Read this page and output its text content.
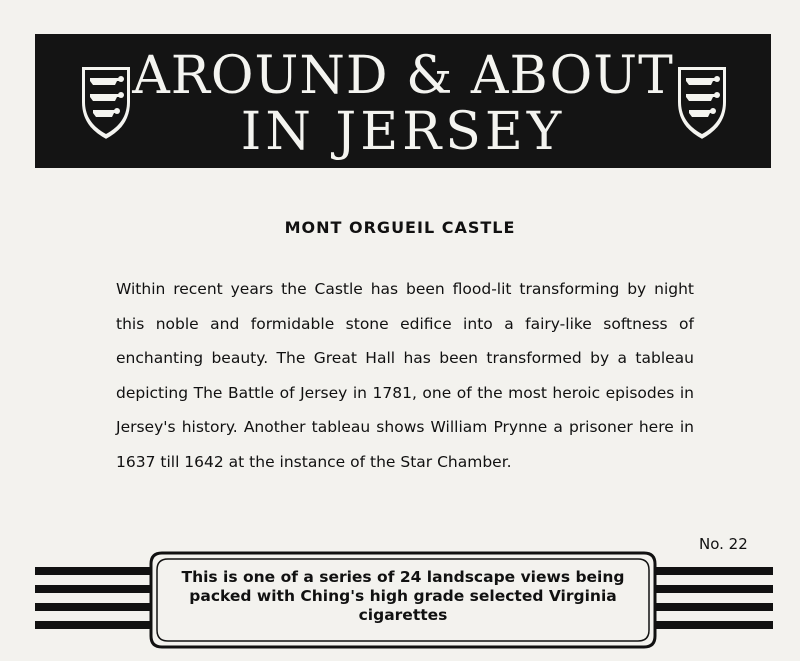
AROUND & ABOUT
IN JERSEY
MONT ORGUEIL CASTLE
Within recent years the Castle has been flood-lit transforming by night this noble and formidable stone edifice into a fairy-like softness of enchanting beauty. The Great Hall has been transformed by a tableau depicting The Battle of Jersey in 1781, one of the most heroic episodes in Jersey's history. Another tableau shows William Prynne a prisoner here in 1637 till 1642 at the instance of the Star Chamber.
No. 22
This is one of a series of 24 landscape views being packed with Ching's high grade selected Virginia cigarettes
